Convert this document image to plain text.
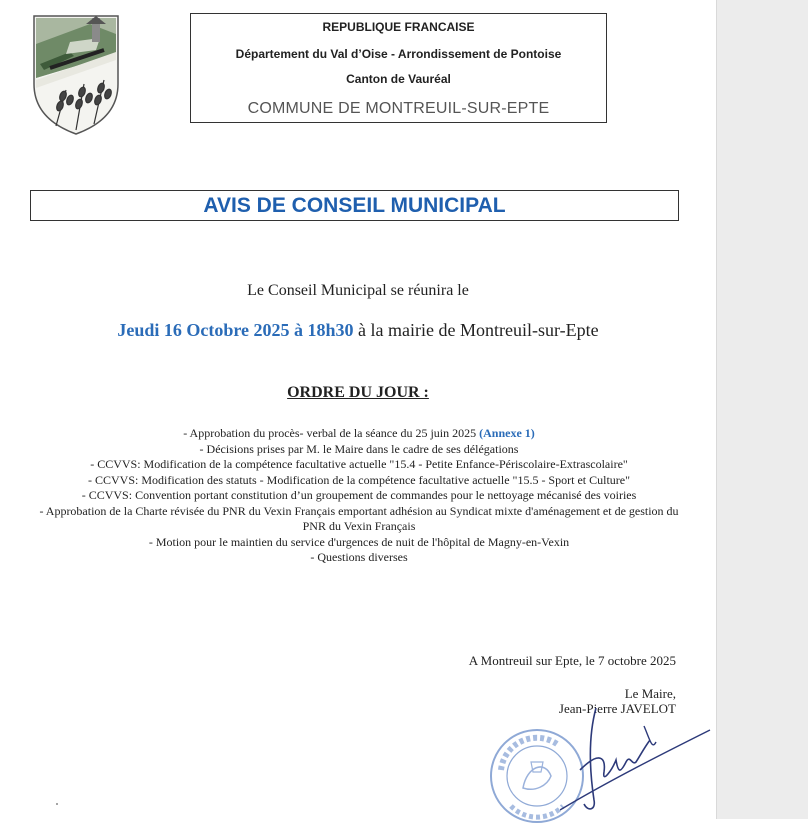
REPUBLIQUE FRANCAISE
Département du Val d’Oise - Arrondissement de Pontoise
Canton de Vauréal
COMMUNE DE MONTREUIL-SUR-EPTE
AVIS DE CONSEIL MUNICIPAL
Le Conseil Municipal se réunira le
Jeudi 16 Octobre 2025 à 18h30 à la mairie de Montreuil-sur-Epte
ORDRE DU JOUR :
- Approbation du procès- verbal de la séance du 25 juin 2025 (Annexe 1)
- Décisions prises par M. le Maire dans le cadre de ses délégations
- CCVVS: Modification de la compétence facultative actuelle "15.4 - Petite Enfance-Périscolaire-Extrascolaire"
- CCVVS: Modification des statuts - Modification de la compétence facultative actuelle "15.5 - Sport et Culture"
- CCVVS: Convention portant constitution d’un groupement de commandes pour le nettoyage mécanisé des voiries
- Approbation de la Charte révisée du PNR du Vexin Français emportant adhésion au Syndicat mixte d'aménagement et de gestion du PNR du Vexin Français
- Motion pour le maintien du service d'urgences de nuit de l'hôpital de Magny-en-Vexin
- Questions diverses
A Montreuil sur Epte, le 7 octobre 2025
Le Maire,
Jean-Pierre JAVELOT
